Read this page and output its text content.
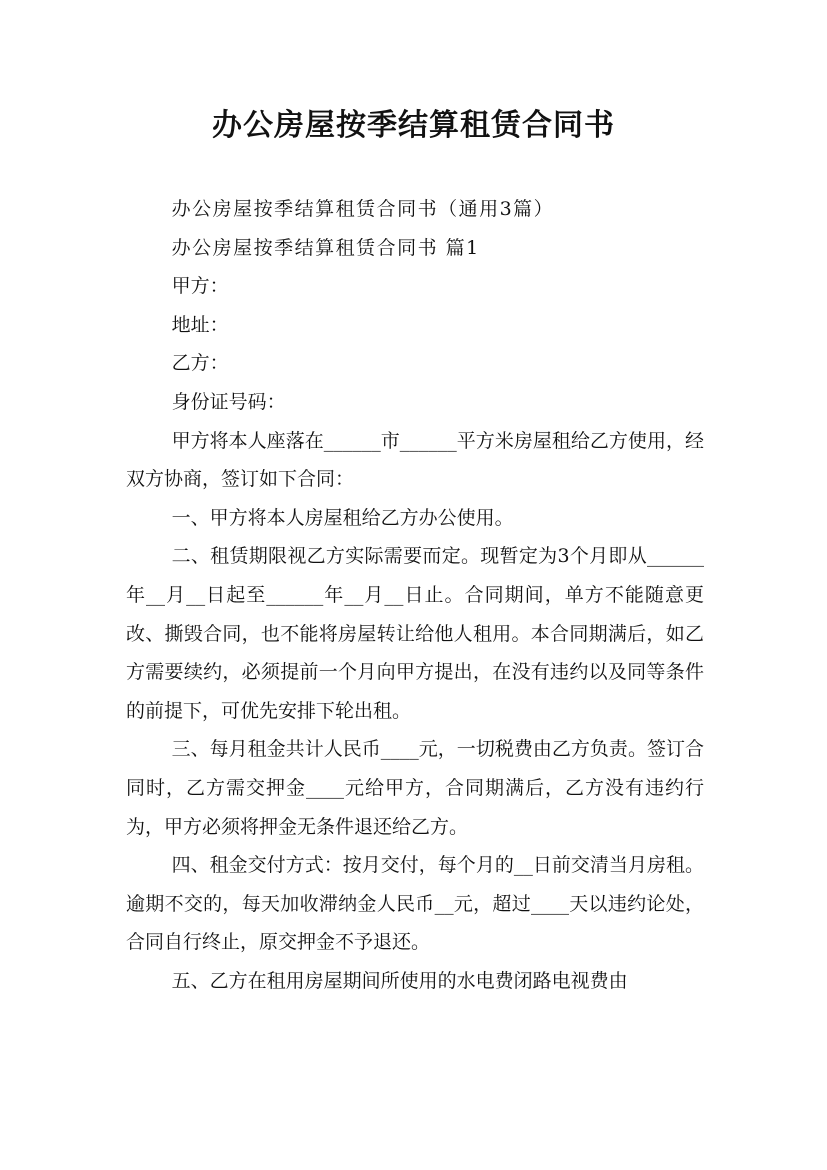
办公房屋按季结算租赁合同书

办公房屋按季结算租赁合同书（通用3篇）

办公房屋按季结算租赁合同书 篇1

甲方：

地址：

乙方：

身份证号码：

甲方将本人座落在______市______平方米房屋租给乙方使用，经双方协商，签订如下合同：

一、甲方将本人房屋租给乙方办公使用。

二、租赁期限视乙方实际需要而定。现暂定为3个月即从______年__月__日起至______年__月__日止。合同期间，单方不能随意更改、撕毁合同，也不能将房屋转让给他人租用。本合同期满后，如乙方需要续约，必须提前一个月向甲方提出，在没有违约以及同等条件的前提下，可优先安排下轮出租。

三、每月租金共计人民币____元，一切税费由乙方负责。签订合同时，乙方需交押金____元给甲方，合同期满后，乙方没有违约行为，甲方必须将押金无条件退还给乙方。

四、租金交付方式：按月交付，每个月的__日前交清当月房租。逾期不交的，每天加收滞纳金人民币__元，超过____天以违约论处，合同自行终止，原交押金不予退还。

五、乙方在租用房屋期间所使用的水电费闭路电视费由
